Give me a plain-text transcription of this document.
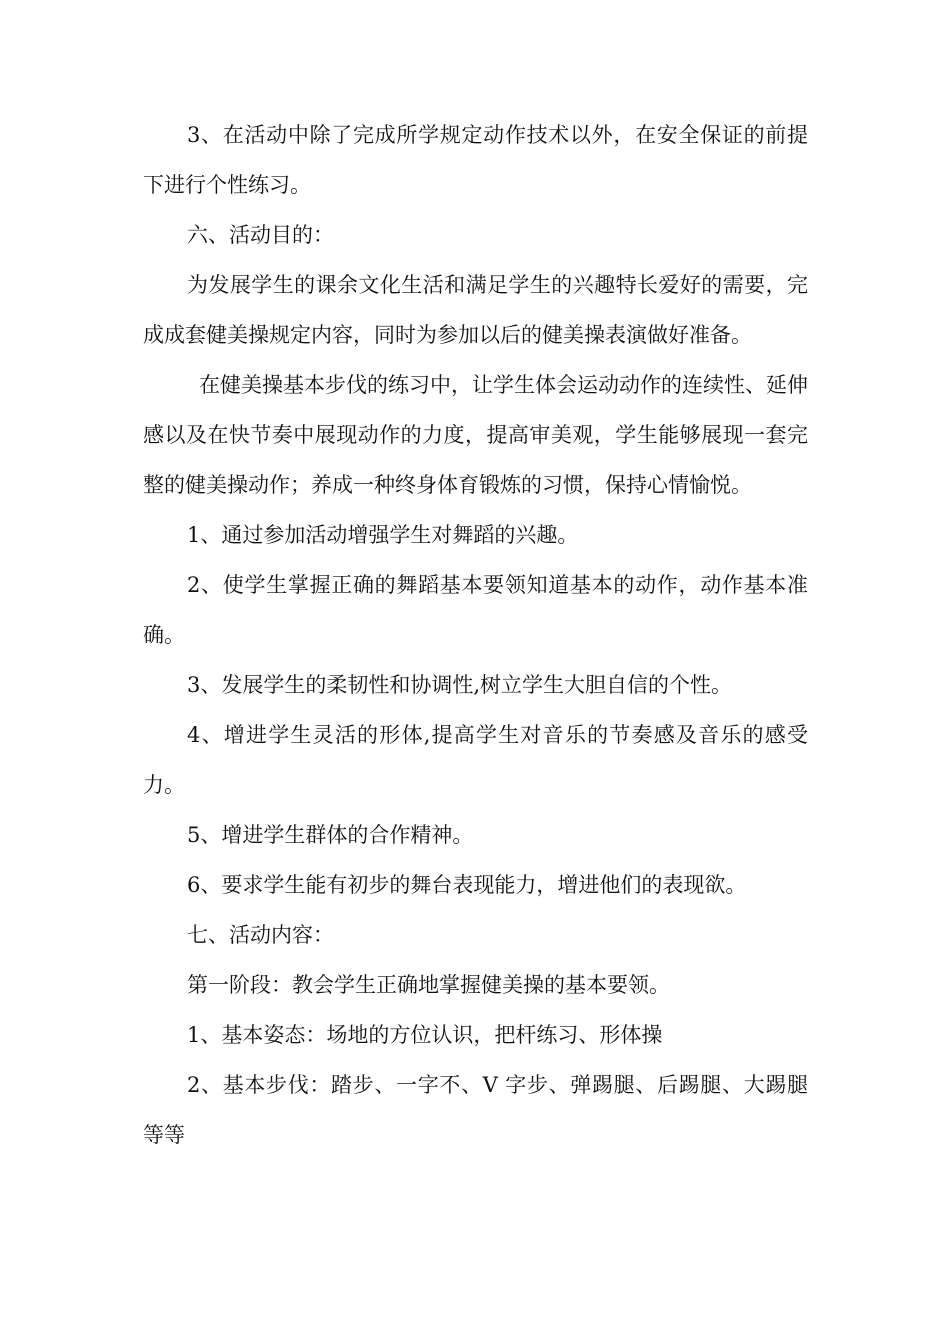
3、在活动中除了完成所学规定动作技术以外，在安全保证的前提下进行个性练习。

六、活动目的：

为发展学生的课余文化生活和满足学生的兴趣特长爱好的需要，完成成套健美操规定内容，同时为参加以后的健美操表演做好准备。

在健美操基本步伐的练习中，让学生体会运动动作的连续性、延伸感以及在快节奏中展现动作的力度，提高审美观，学生能够展现一套完整的健美操动作；养成一种终身体育锻炼的习惯，保持心情愉悦。

1、通过参加活动增强学生对舞蹈的兴趣。

2、使学生掌握正确的舞蹈基本要领知道基本的动作，动作基本准确。

3、发展学生的柔韧性和协调性,树立学生大胆自信的个性。

4、增进学生灵活的形体,提高学生对音乐的节奏感及音乐的感受力。

5、增进学生群体的合作精神。

6、要求学生能有初步的舞台表现能力，增进他们的表现欲。

七、活动内容：

第一阶段：教会学生正确地掌握健美操的基本要领。

1、基本姿态：场地的方位认识，把杆练习、形体操

2、基本步伐：踏步、一字不、V 字步、弹踢腿、后踢腿、大踢腿等等
